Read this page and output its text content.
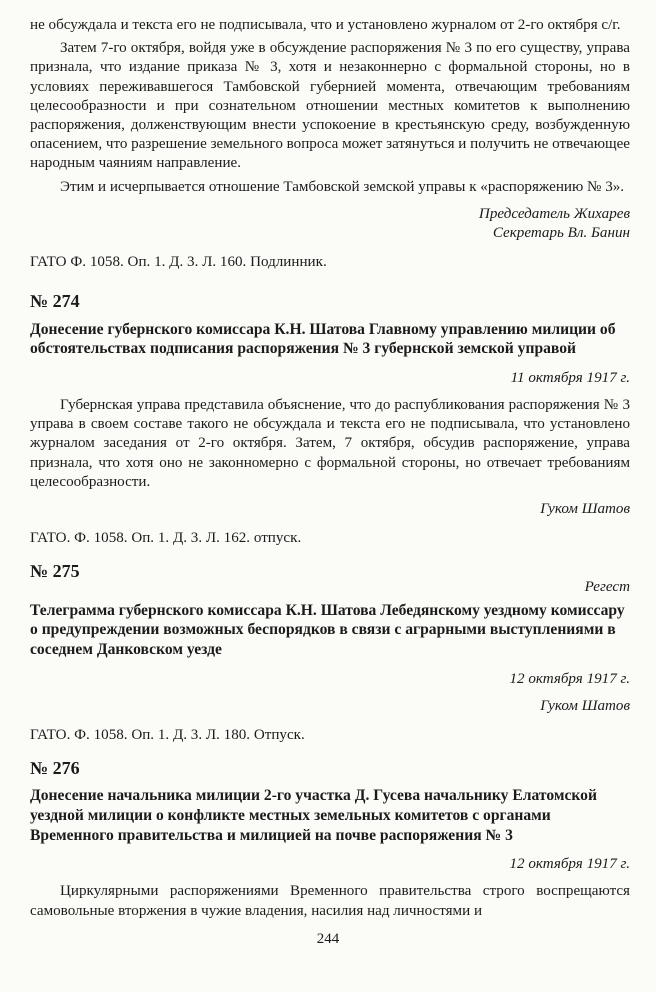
не обсуждала и текста его не подписывала, что и установлено журналом от 2-го октября с/г.

Затем 7-го октября, войдя уже в обсуждение распоряжения № 3 по его существу, управа признала, что издание приказа № 3, хотя и незаконнерно с формальной стороны, но в условиях переживавшегося Тамбовской губернией момента, отвечающим требованиям целесообразности и при сознательном отношении местных комитетов к выполнению распоряжения, долженствующим внести успокоение в крестьянскую среду, возбужденную опасением, что разрешение земельного вопроса может затянуться и получить не отвечающее народным чаяниям направление.

Этим и исчерпывается отношение Тамбовской земской управы к «распоряжению № 3».

Председатель Жихарев

Секретарь Вл. Банин

ГАТО Ф. 1058. Оп. 1. Д. 3. Л. 160. Подлинник.

№ 274

Донесение губернского комиссара К.Н. Шатова Главному управлению милиции об обстоятельствах подписания распоряжения № 3 губернской земской управой

11 октября 1917 г.

Губернская управа представила объяснение, что до распубликования распоряжения № 3 управа в своем составе такого не обсуждала и текста его не подписывала, что установлено журналом заседания от 2-го октября. Затем, 7 октября, обсудив распоряжение, управа признала, что хотя оно не законномерно с формальной стороны, но отвечает требованиям целесообразности.

Гуком Шатов

ГАТО. Ф. 1058. Оп. 1. Д. 3. Л. 162. отпуск.

№ 275

Регест

Телеграмма губернского комиссара К.Н. Шатова Лебедянскому уездному комиссару о предупреждении возможных беспорядков в связи с аграрными выступлениями в соседнем Данковском уезде

12 октября 1917 г.

Гуком Шатов

ГАТО. Ф. 1058. Оп. 1. Д. 3. Л. 180. Отпуск.

№ 276

Донесение начальника милиции 2-го участка Д. Гусева начальнику Елатомской уездной милиции о конфликте местных земельных комитетов с органами Временного правительства и милицией на почве распоряжения № 3

12 октября 1917 г.

Циркулярными распоряжениями Временного правительства строго воспрещаются самовольные вторжения в чужие владения, насилия над личностями и

244
